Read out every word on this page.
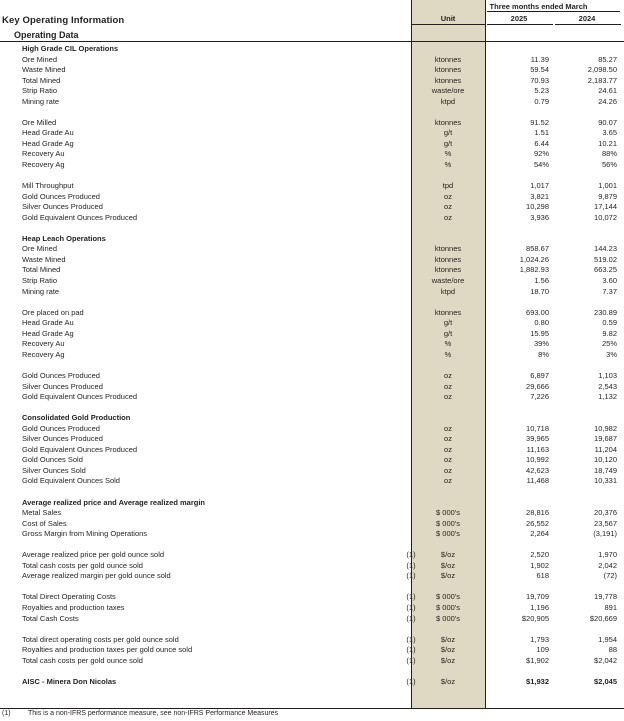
Key Operating Information
Operating Data
Three months ended March
Unit	2025	2024
High Grade CIL Operations
Ore Mined	ktonnes	11.39	85.27
Waste Mined	ktonnes	59.54	2,098.50
Total Mined	ktonnes	70.93	2,183.77
Strip Ratio	waste/ore	5.23	24.61
Mining rate	ktpd	0.79	24.26
Ore Milled	ktonnes	91.52	90.07
Head Grade Au	g/t	1.51	3.65
Head Grade Ag	g/t	6.44	10.21
Recovery Au	%	92%	88%
Recovery Ag	%	54%	56%
Mill Throughput	tpd	1,017	1,001
Gold Ounces Produced	oz	3,821	9,879
Silver Ounces Produced	oz	10,298	17,144
Gold Equivalent Ounces Produced	oz	3,936	10,072
Heap Leach Operations
Ore Mined	ktonnes	858.67	144.23
Waste Mined	ktonnes	1,024.26	519.02
Total Mined	ktonnes	1,882.93	663.25
Strip Ratio	waste/ore	1.56	3.60
Mining rate	ktpd	18.70	7.37
Ore placed on pad	ktonnes	693.00	230.89
Head Grade Au	g/t	0.80	0.59
Head Grade Ag	g/t	15.95	9.82
Recovery Au	%	39%	25%
Recovery Ag	%	8%	3%
Gold Ounces Produced	oz	6,897	1,103
Silver Ounces Produced	oz	29,666	2,543
Gold Equivalent Ounces Produced	oz	7,226	1,132
Consolidated Gold Production
Gold Ounces Produced	oz	10,718	10,982
Silver Ounces Produced	oz	39,965	19,687
Gold Equivalent Ounces Produced	oz	11,163	11,204
Gold Ounces Sold	oz	10,992	10,120
Silver Ounces Sold	oz	42,623	18,749
Gold Equivalent Ounces Sold	oz	11,468	10,331
Average realized price and Average realized margin
Metal Sales	$ 000's	28,816	20,376
Cost of Sales	$ 000's	26,552	23,567
Gross Margin from Mining Operations	$ 000's	2,264	(3,191)
Average realized price per gold ounce sold	(1)	$/oz	2,520	1,970
Total cash costs per gold ounce sold	(1)	$/oz	1,902	2,042
Average realized margin per gold ounce sold	(1)	$/oz	618	(72)
Total Direct Operating Costs	(1)	$ 000's	19,709	19,778
Royalties and production taxes	(1)	$ 000's	1,196	891
Total Cash Costs	(1)	$ 000's	$20,905	$20,669
Total direct operating costs per gold ounce sold	(1)	$/oz	1,793	1,954
Royalties and production taxes per gold ounce sold	(1)	$/oz	109	88
Total cash costs per gold ounce sold	(1)	$/oz	$1,902	$2,042
AISC - Minera Don Nicolas	(1)	$/oz	$1,932	$2,045
(1) This is a non-IFRS performance measure, see non-IFRS Performance Measures
